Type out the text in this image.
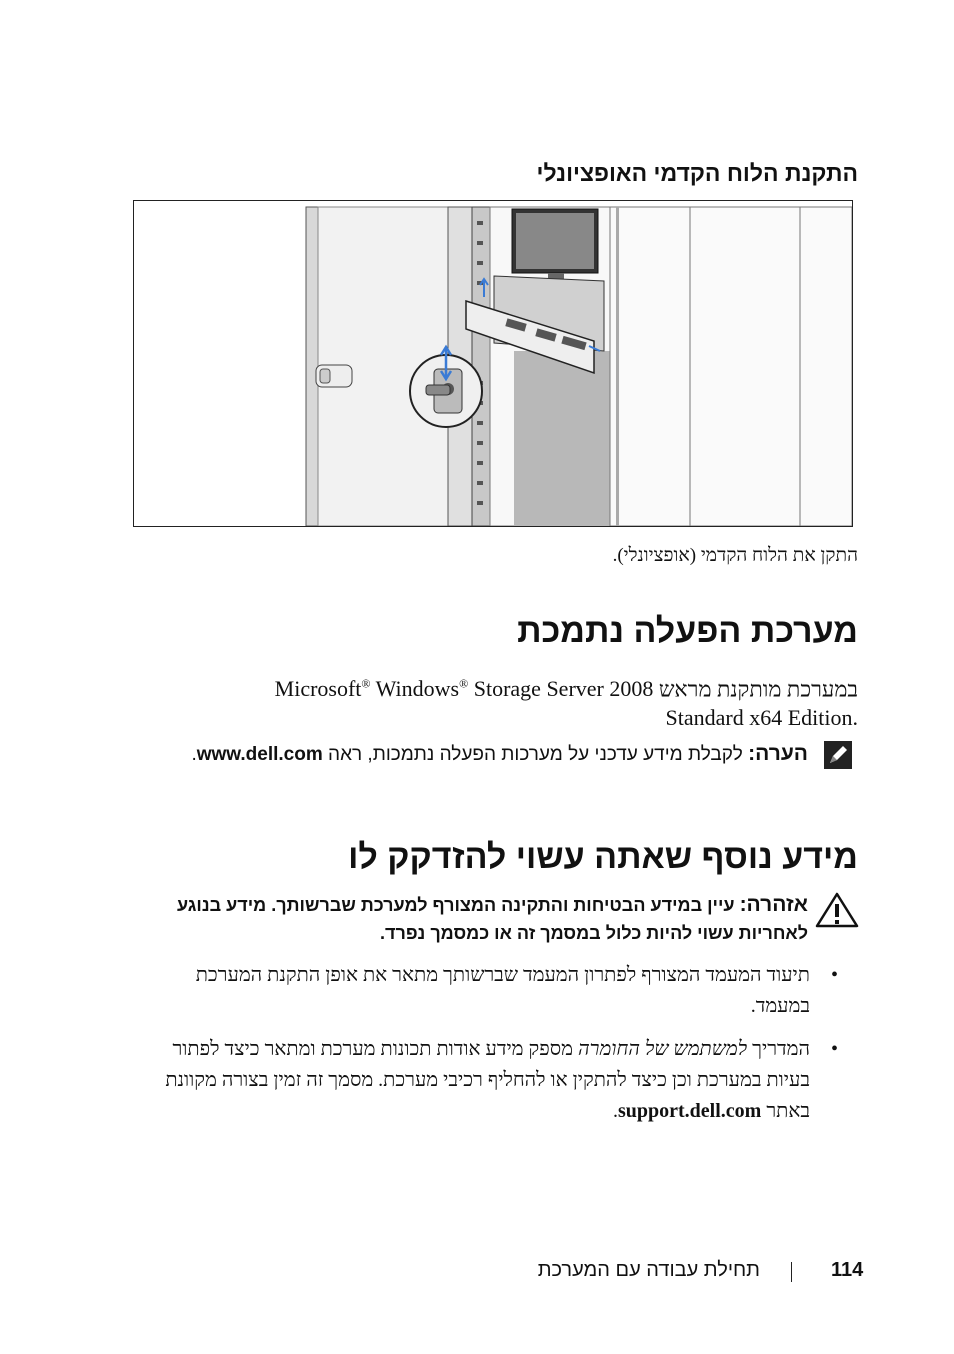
התקנת הלוח הקדמי האופציונלי
התקן את הלוח הקדמי (אופציונלי).
מערכת הפעלה נתמכת
במערכת מותקנת מראש Microsoft® Windows® Storage Server 2008
.Standard x64 Edition
הערה: לקבלת מידע עדכני על מערכות הפעלה נתמכות, ראה www.dell.com.
מידע נוסף שאתה עשוי להזדקק לו
אזהרה: עיין במידע הבטיחות והתקינה המצורף למערכת שברשותך. מידע בנוגע לאחריות עשוי להיות כלול במסמך זה או כמסמך נפרד.
•
תיעוד המעמד המצורף לפתרון המעמד שברשותך מתאר את אופן התקנת המערכת במעמד.
•
המדריך למשתמש של החומרה מספק מידע אודות תכונות מערכת ומתאר כיצד לפתור בעיות במערכת וכן כיצד להתקין או להחליף רכיבי מערכת. מסמך זה זמין בצורה מקוונת באתר support.dell.com.
114
תחילת עבודה עם המערכת
